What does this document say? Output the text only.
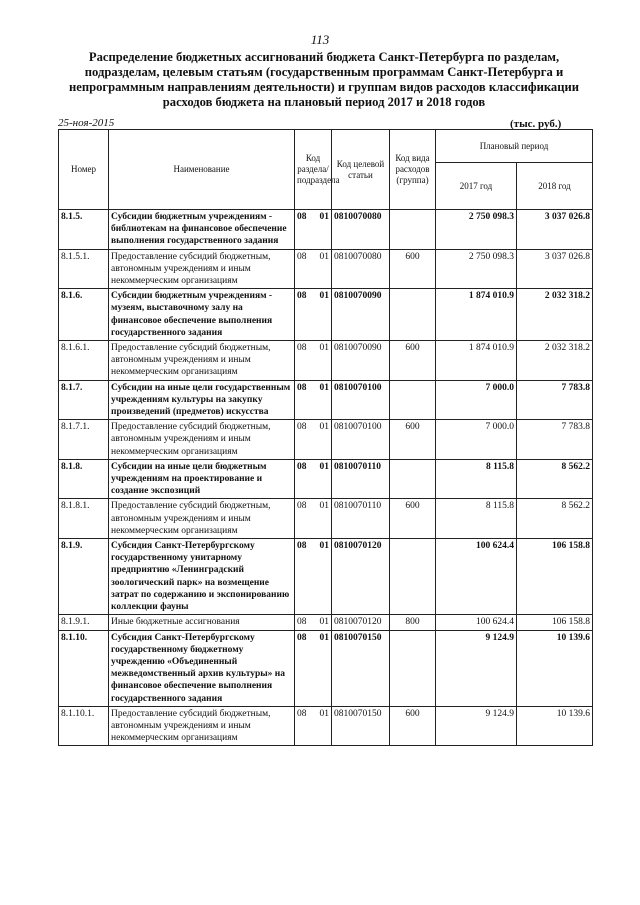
113
Распределение бюджетных ассигнований бюджета Санкт-Петербурга по разделам, подразделам, целевым статьям (государственным программам Санкт-Петербурга и непрограммным направлениям деятельности) и группам видов расходов классификации расходов бюджета на плановый период 2017 и 2018 годов
25-ноя-2015	(тыс. руб.)
Номер	Наименование	Код раздела/ подраздела	Код целевой статьи	Код вида расходов (группа)	Плановый период	
					2017 год	2018 год
8.1.5.	Субсидии бюджетным учреждениям - библиотекам на финансовое обеспечение выполнения государственного задания	08 01	0810070080		2 750 098.3	3 037 026.8
8.1.5.1.	Предоставление субсидий бюджетным, автономным учреждениям и иным некоммерческим организациям	08 01	0810070080	600	2 750 098.3	3 037 026.8
8.1.6.	Субсидии бюджетным учреждениям - музеям, выставочному залу на финансовое обеспечение выполнения государственного задания	08 01	0810070090		1 874 010.9	2 032 318.2
8.1.6.1.	Предоставление субсидий бюджетным, автономным учреждениям и иным некоммерческим организациям	08 01	0810070090	600	1 874 010.9	2 032 318.2
8.1.7.	Субсидии на иные цели государственным учреждениям культуры на закупку произведений (предметов) искусства	08 01	0810070100		7 000.0	7 783.8
8.1.7.1.	Предоставление субсидий бюджетным, автономным учреждениям и иным некоммерческим организациям	08 01	0810070100	600	7 000.0	7 783.8
8.1.8.	Субсидии на иные цели бюджетным учреждениям на проектирование и создание экспозиций	08 01	0810070110		8 115.8	8 562.2
8.1.8.1.	Предоставление субсидий бюджетным, автономным учреждениям и иным некоммерческим организациям	08 01	0810070110	600	8 115.8	8 562.2
8.1.9.	Субсидия Санкт-Петербургскому государственному унитарному предприятию «Ленинградский зоологический парк» на возмещение затрат по содержанию и экспонированию коллекции фауны	08 01	0810070120		100 624.4	106 158.8
8.1.9.1.	Иные бюджетные ассигнования	08 01	0810070120	800	100 624.4	106 158.8
8.1.10.	Субсидия Санкт-Петербургскому государственному бюджетному учреждению «Объединенный межведомственный архив культуры» на финансовое обеспечение выполнения государственного задания	08 01	0810070150		9 124.9	10 139.6
8.1.10.1.	Предоставление субсидий бюджетным, автономным учреждениям и иным некоммерческим организациям	08 01	0810070150	600	9 124.9	10 139.6
